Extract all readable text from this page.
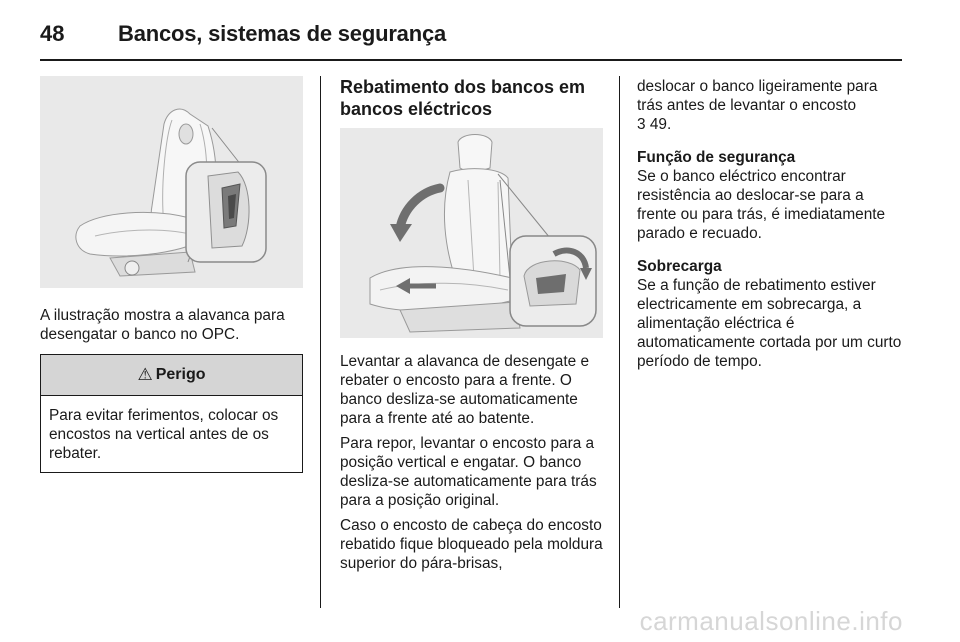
48	Bancos, sistemas de segurança

A ilustração mostra a alavanca para desengatar o banco no OPC.

⚠ Perigo

Para evitar ferimentos, colocar os encostos na vertical antes de os rebater.

Rebatimento dos bancos em bancos eléctricos

Levantar a alavanca de desengate e rebater o encosto para a frente. O banco desliza-se automaticamente para a frente até ao batente.

Para repor, levantar o encosto para a posição vertical e engatar. O banco desliza-se automaticamente para trás para a posição original.

Caso o encosto de cabeça do encosto rebatido fique bloqueado pela moldura superior do pára-brisas,

deslocar o banco ligeiramente para trás antes de levantar o encosto
3 49.

Função de segurança

Se o banco eléctrico encontrar resistência ao deslocar-se para a frente ou para trás, é imediatamente parado e recuado.

Sobrecarga

Se a função de rebatimento estiver electricamente em sobrecarga, a alimentação eléctrica é automaticamente cortada por um curto período de tempo.

carmanualsonline.info
